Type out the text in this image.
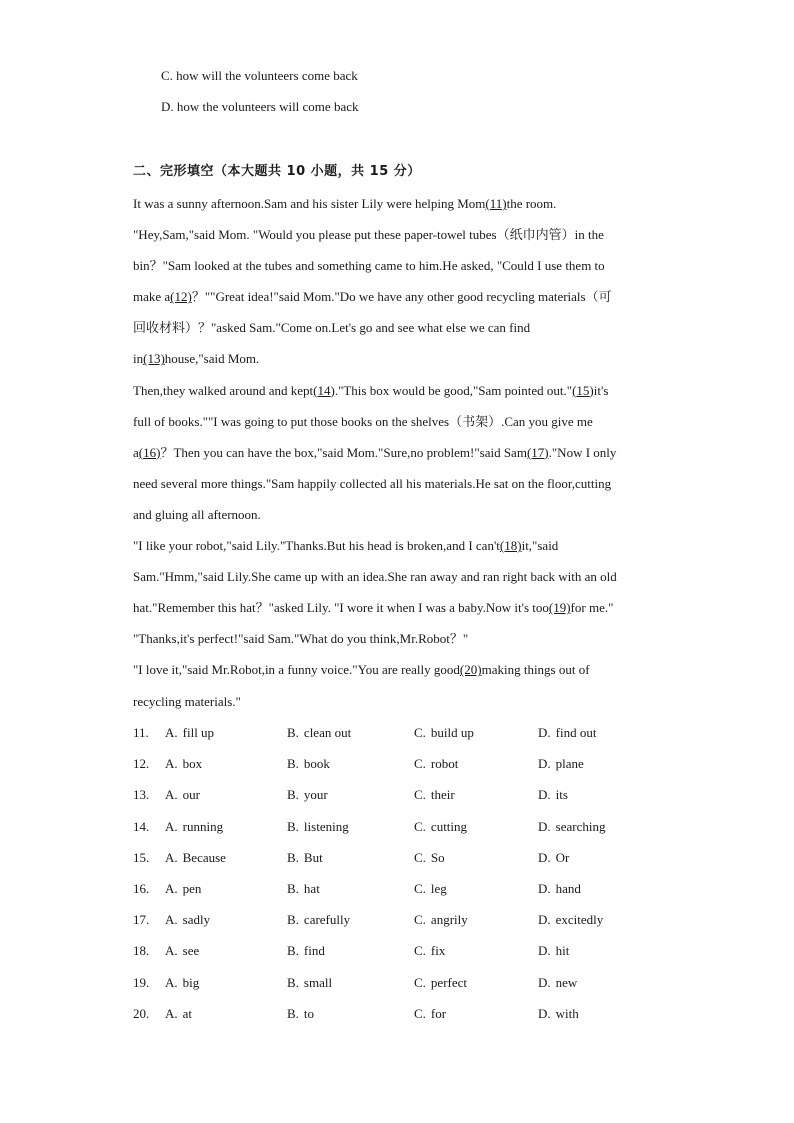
C. how will the volunteers come back
D. how the volunteers will come back
二、完形填空（本大题共 10 小题，共 15 分）

It was a sunny afternoon.Sam and his sister Lily were helping Mom(11)the room.

"Hey,Sam,"said Mom. "Would you please put these paper-towel tubes（纸巾内管）in the

bin？"Sam looked at the tubes and something came to him.He asked, "Could I use them to

make a(12)？""Great idea!"said Mom."Do we have any other good recycling materials（可

回收材料）？"asked Sam."Come on.Let's go and see what else we can find

in(13)house,"said Mom.

Then,they walked around and kept(14)."This box would be good,"Sam pointed out."(15)it's

full of books.""I was going to put those books on the shelves（书架）.Can you give me

a(16)？Then you can have the box,"said Mom."Sure,no problem!"said Sam(17)."Now I only

need several more things."Sam happily collected all his materials.He sat on the floor,cutting

and gluing all afternoon.

"I like your robot,"said Lily."Thanks.But his head is broken,and I can't(18)it,"said

Sam."Hmm,"said Lily.She came up with an idea.She ran away and ran right back with an old

hat."Remember this hat？"asked Lily. "I wore it when I was a baby.Now it's too(19)for me."

"Thanks,it's perfect!"said Sam."What do you think,Mr.Robot？"

"I love it,"said Mr.Robot,in a funny voice."You are really good(20)making things out of

recycling materials."

11. A. fill up	B. clean out	C. build up	D. find out
12. A. box	B. book	C. robot	D. plane
13. A. our	B. your	C. their	D. its
14. A. running	B. listening	C. cutting	D. searching
15. A. Because	B. But	C. So	D. Or
16. A. pen	B. hat	C. leg	D. hand
17. A. sadly	B. carefully	C. angrily	D. excitedly
18. A. see	B. find	C. fix	D. hit
19. A. big	B. small	C. perfect	D. new
20. A. at	B. to	C. for	D. with
